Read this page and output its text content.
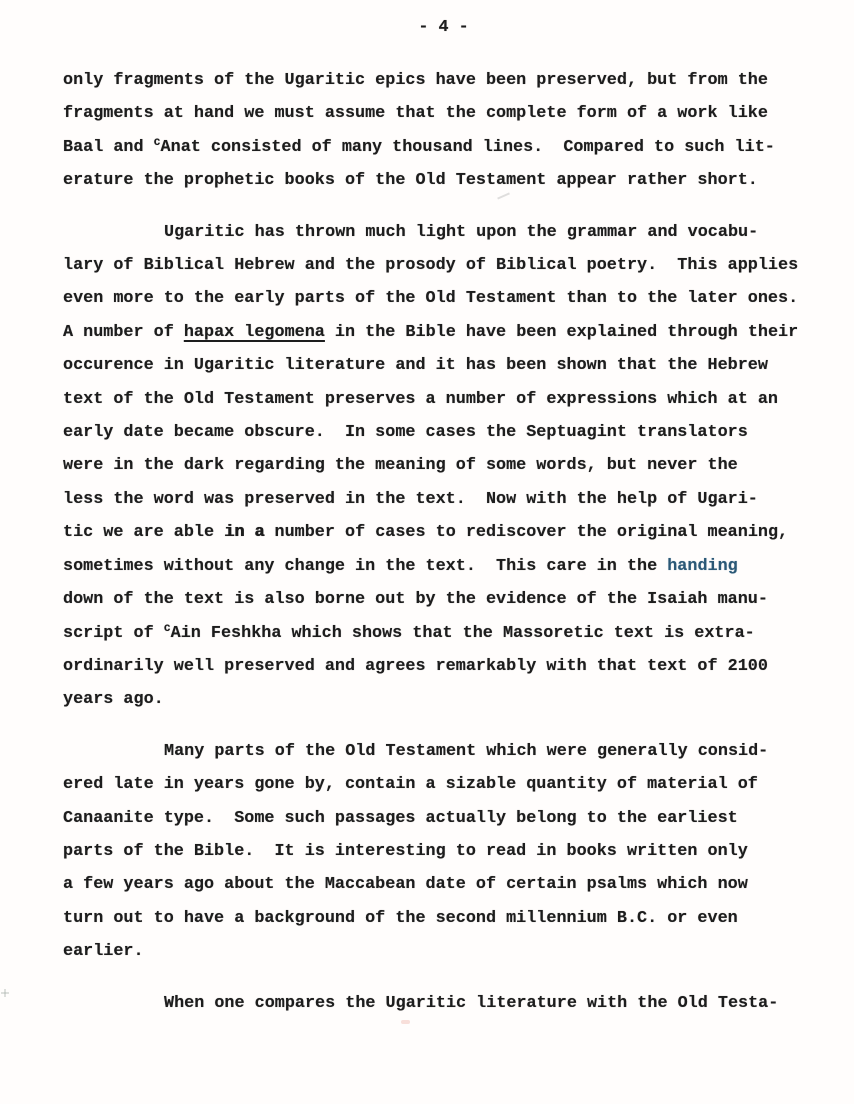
- 4 -

only fragments of the Ugaritic epics have been preserved, but from the
fragments at hand we must assume that the complete form of a work like
Baal and $^c$Anat consisted of many thousand lines.  Compared to such lit-
erature the prophetic books of the Old Testament appear rather short.

Ugaritic has thrown much light upon the grammar and vocabu-
lary of Biblical Hebrew and the prosody of Biblical poetry.  This applies
even more to the early parts of the Old Testament than to the later ones.
A number of hapax legomena in the Bible have been explained through their
occurence in Ugaritic literature and it has been shown that the Hebrew
text of the Old Testament preserves a number of expressions which at an
early date became obscure.  In some cases the Septuagint translators
were in the dark regarding the meaning of some words, but never the
less the word was preserved in the text.  Now with the help of Ugari-
tic we are able in a number of cases to rediscover the original meaning,
sometimes without any change in the text.  This care in the handing
down of the text is also borne out by the evidence of the Isaiah manu-
script of $^c$Ain Feshkha which shows that the Massoretic text is extra-
ordinarily well preserved and agrees remarkably with that text of 2100
years ago.

Many parts of the Old Testament which were generally consid-
ered late in years gone by, contain a sizable quantity of material of
Canaanite type.  Some such passages actually belong to the earliest
parts of the Bible.  It is interesting to read in books written only
a few years ago about the Maccabean date of certain psalms which now
turn out to have a background of the second millennium B.C. or even
earlier.

When one compares the Ugaritic literature with the Old Testa-
